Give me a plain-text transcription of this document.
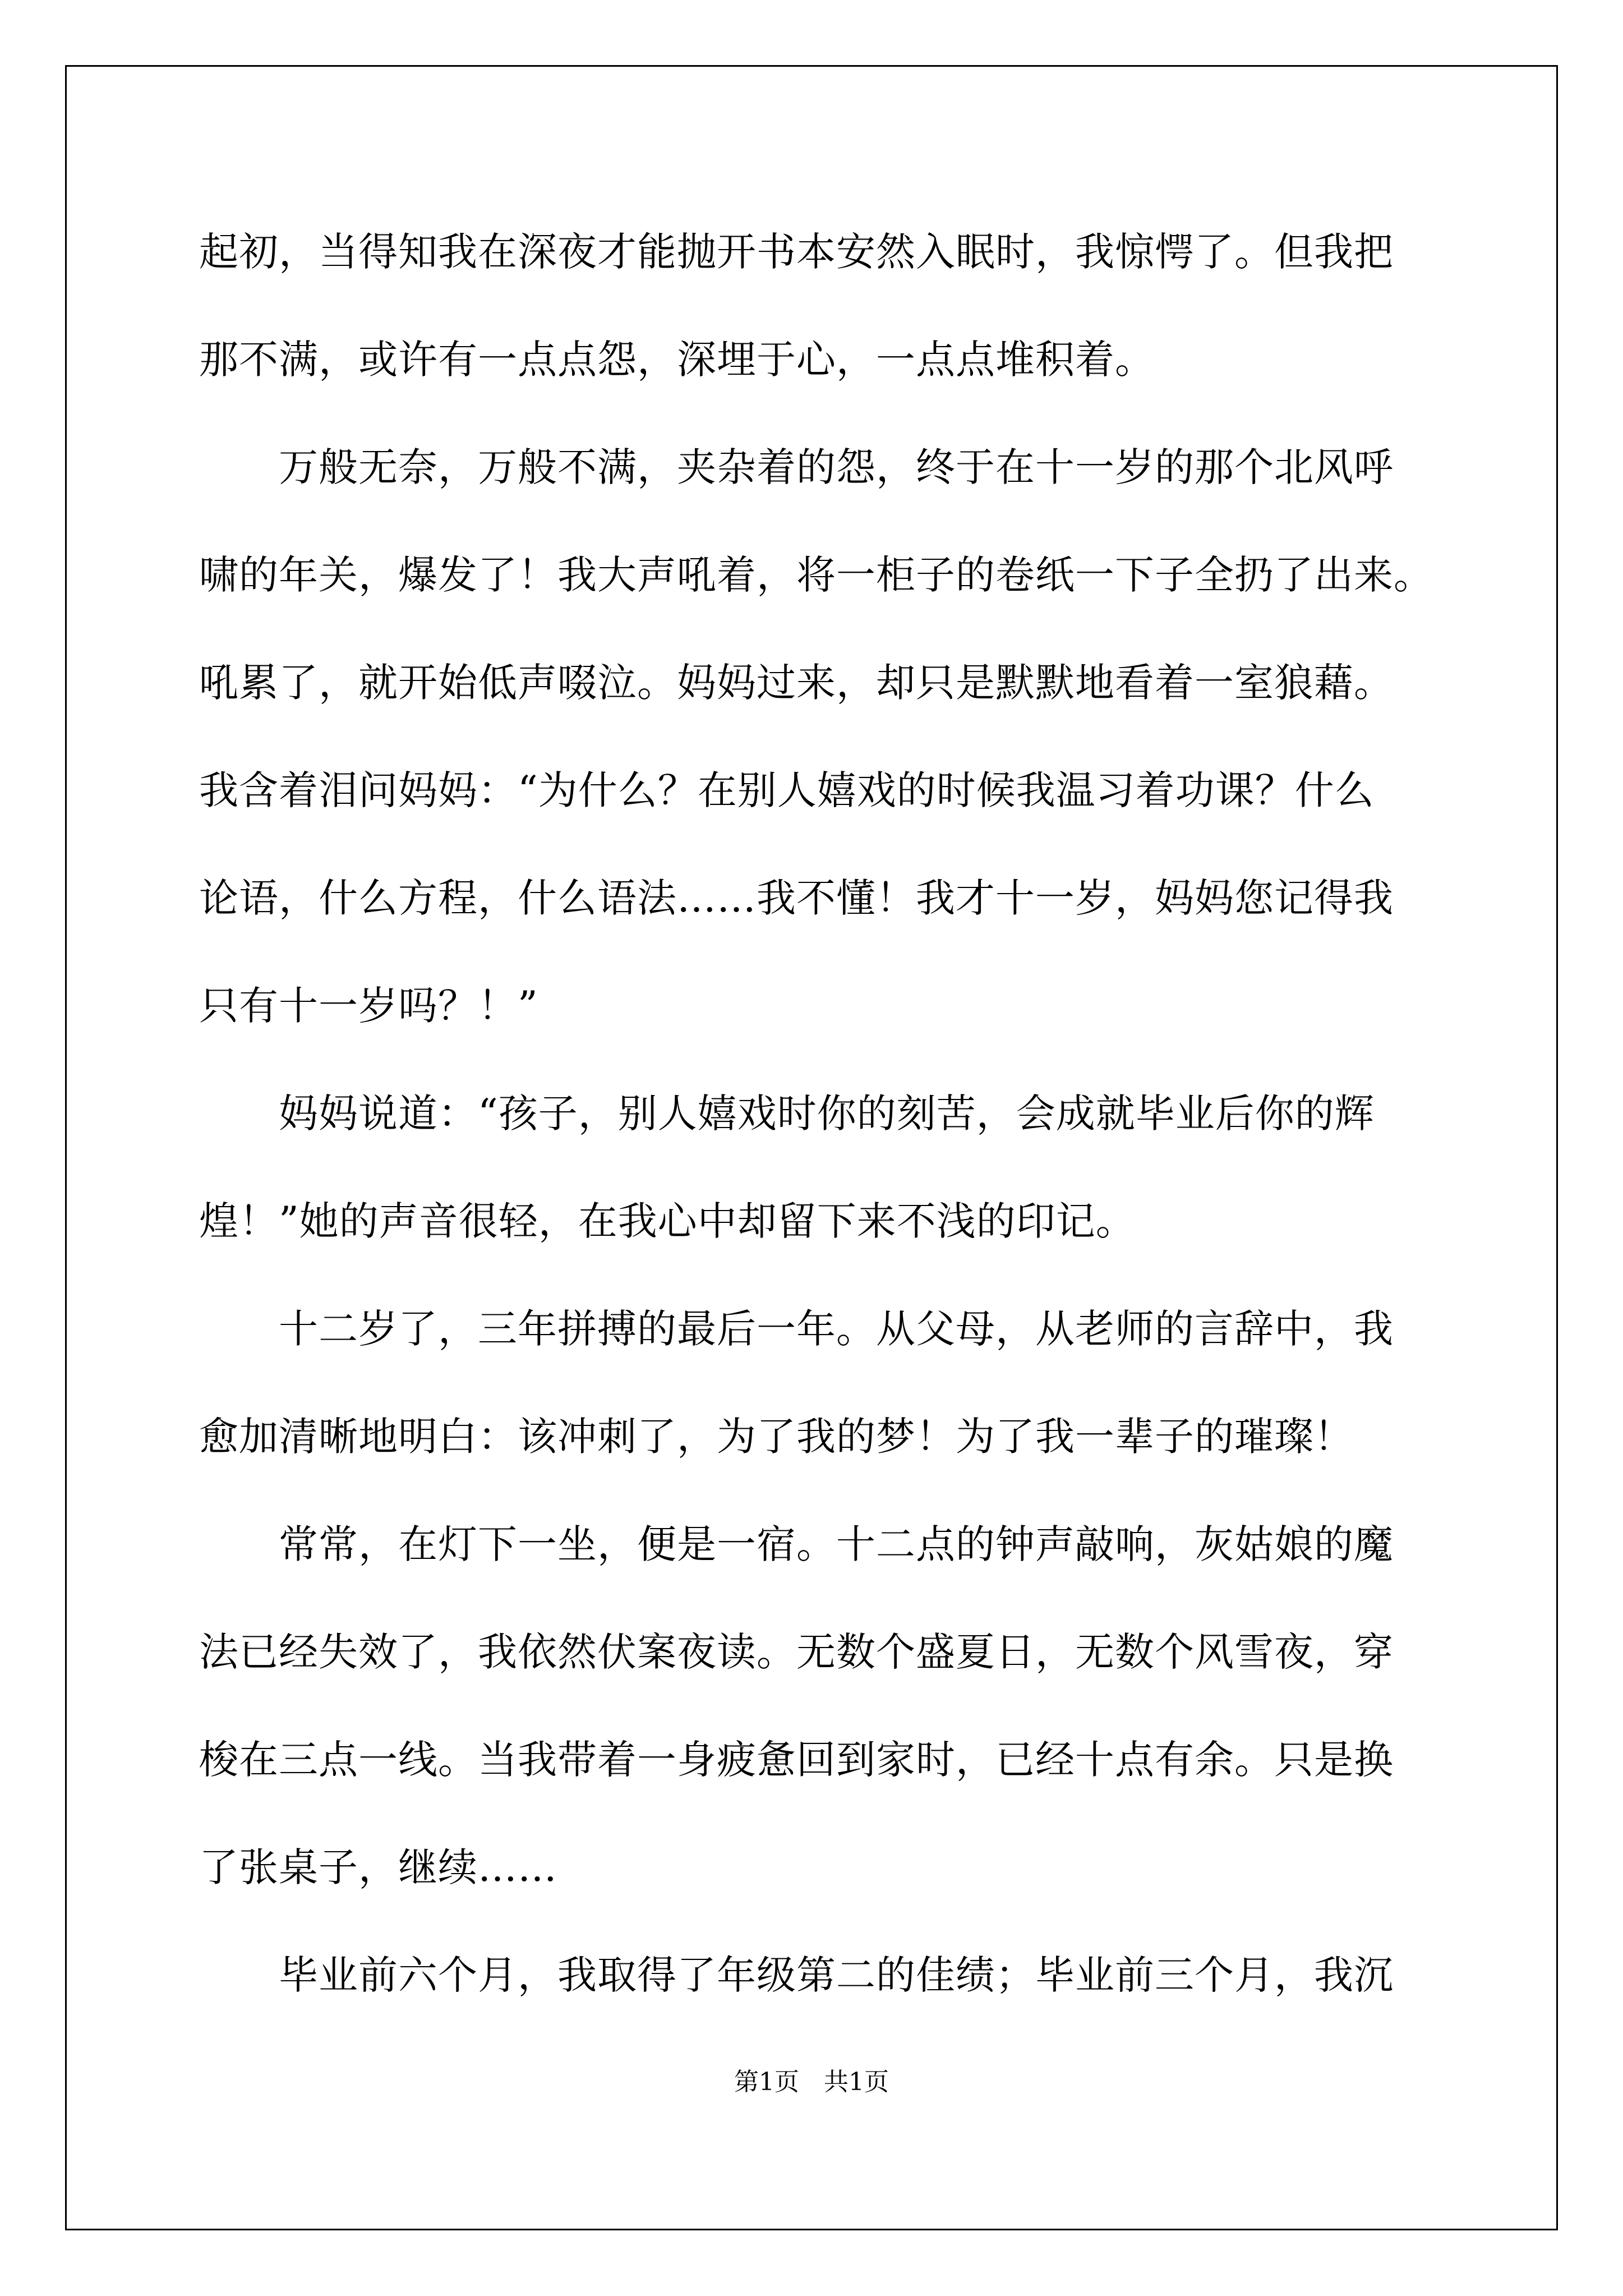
起初，当得知我在深夜才能抛开书本安然入眠时，我惊愕了。但我把
那不满，或许有一点点怨，深埋于心，一点点堆积着。
　　万般无奈，万般不满，夹杂着的怨，终于在十一岁的那个北风呼
啸的年关，爆发了！我大声吼着，将一柜子的卷纸一下子全扔了出来。
吼累了，就开始低声啜泣。妈妈过来，却只是默默地看着一室狼藉。
我含着泪问妈妈：“为什么？在别人嬉戏的时候我温习着功课？什么
论语，什么方程，什么语法……我不懂！我才十一岁，妈妈您记得我
只有十一岁吗？！”
　　妈妈说道：“孩子，别人嬉戏时你的刻苦，会成就毕业后你的辉
煌！”她的声音很轻，在我心中却留下来不浅的印记。
　　十二岁了，三年拼搏的最后一年。从父母，从老师的言辞中，我
愈加清晰地明白：该冲刺了，为了我的梦！为了我一辈子的璀璨！
　　常常，在灯下一坐，便是一宿。十二点的钟声敲响，灰姑娘的魔
法已经失效了，我依然伏案夜读。无数个盛夏日，无数个风雪夜，穿
梭在三点一线。当我带着一身疲惫回到家时，已经十点有余。只是换
了张桌子，继续……
　　毕业前六个月，我取得了年级第二的佳绩；毕业前三个月，我沉
第1页　共1页
